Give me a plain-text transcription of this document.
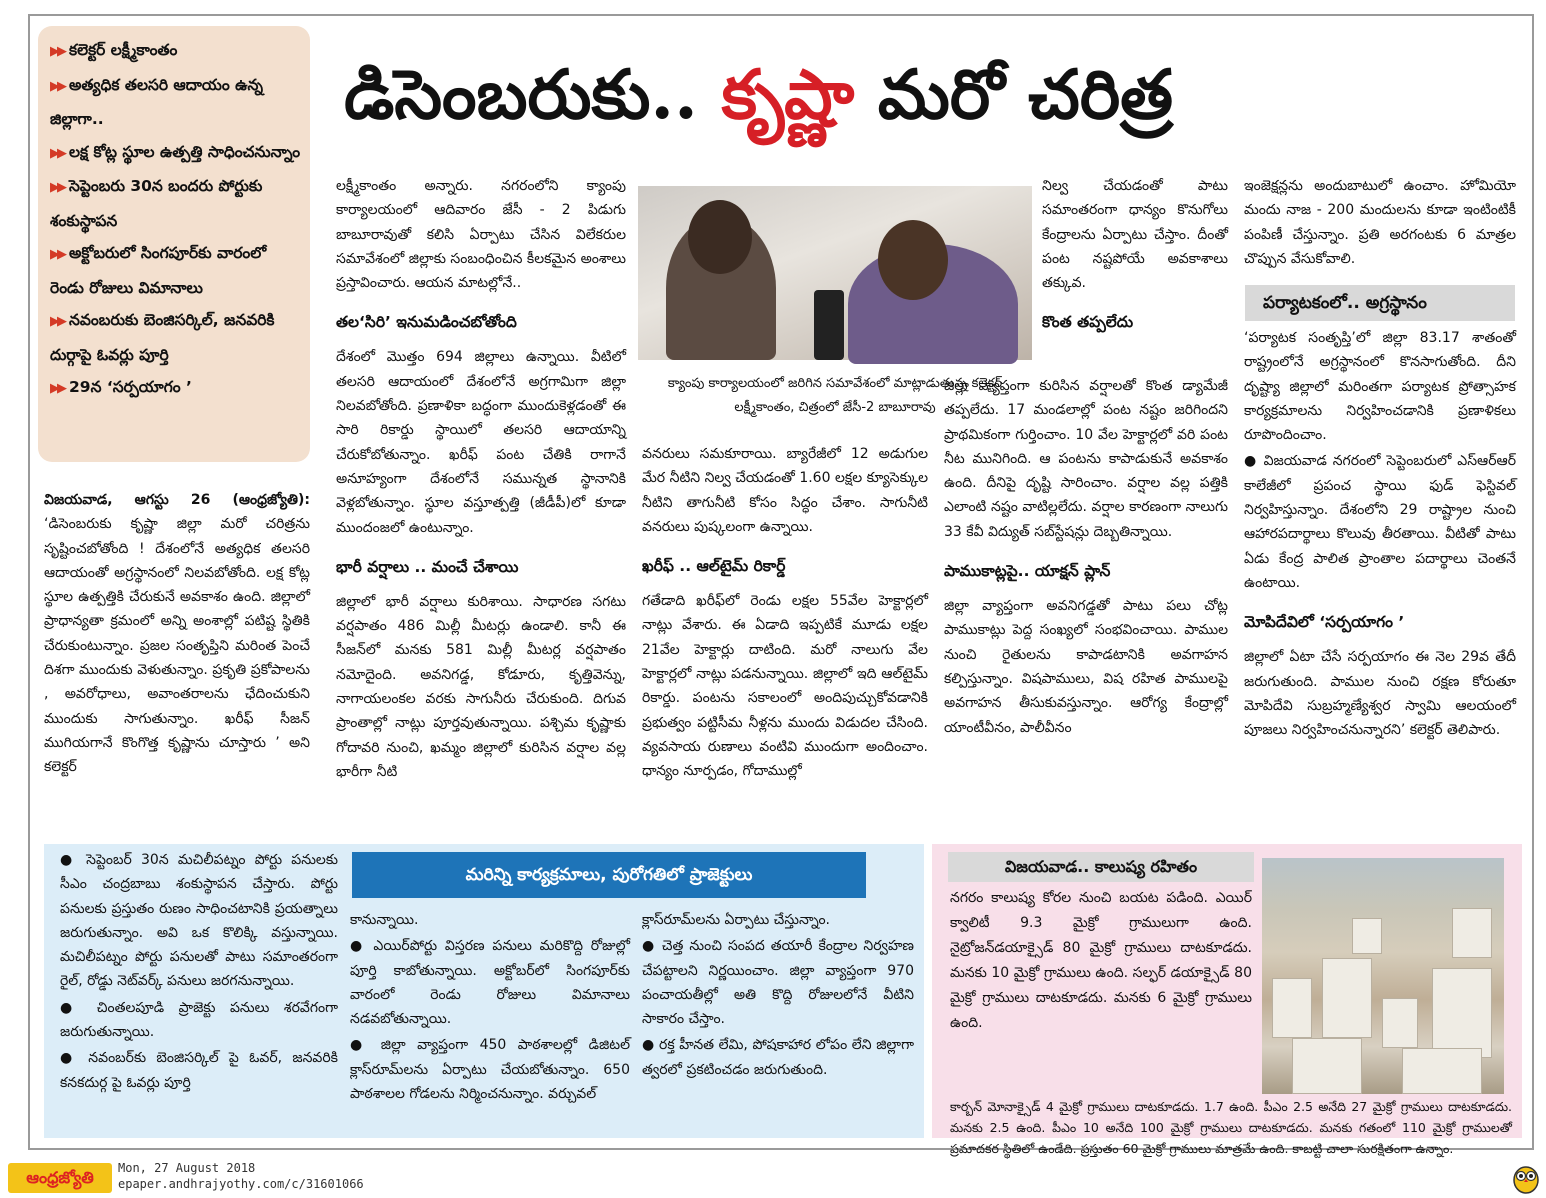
▶▶ కలెక్టర్ లక్ష్మీకాంతం
▶▶ అత్యధిక తలసరి ఆదాయం ఉన్న జిల్లాగా..
▶▶ లక్ష కోట్ల స్థూల ఉత్పత్తి సాధించనున్నాం
▶▶ సెప్టెంబరు 30న బందరు పోర్టుకు శంకుస్థాపన
▶▶ అక్టోబరులో సింగపూర్‌కు వారంలో రెండు రోజులు విమానాలు
▶▶ నవంబరుకు బెంజిసర్కిల్, జనవరికి దుర్గాపై ఓవర్లు పూర్తి
▶▶ 29న ‘సర్పయాగం ’
డిసెంబరుకు.. కృష్ణా మరో చరిత్ర

విజయవాడ, ఆగస్టు 26 (ఆంధ్రజ్యోతి): ‘డిసెంబరుకు కృష్ణా జిల్లా మరో చరిత్రను సృష్టించబోతోంది ! దేశంలోనే అత్యధిక తలసరి ఆదాయంతో అగ్రస్థానంలో నిలవబోతోంది. లక్ష కోట్ల స్థూల ఉత్పత్తికి చేరుకునే అవకాశం ఉంది. జిల్లాలో ప్రాధాన్యతా క్రమంలో అన్ని అంశాల్లో పటిష్ట స్థితికి చేరుకుంటున్నాం. ప్రజల సంతృప్తిని మరింత పెంచే దిశగా ముందుకు వెళుతున్నాం. ప్రకృతి ప్రకోపాలను , అవరోధాలు, అవాంతరాలను ఛేదించుకుని ముందుకు సాగుతున్నాం. ఖరీఫ్ సీజన్ ముగియగానే కొంగొత్త కృష్ణాను చూస్తారు ’ అని కలెక్టర్

లక్ష్మీకాంతం అన్నారు. నగరంలోని క్యాంపు కార్యాలయంలో ఆదివారం జేసీ - 2 పిడుగు బాబూరావుతో కలిసి ఏర్పాటు చేసిన విలేకరుల సమావేశంలో జిల్లాకు సంబంధించిన కీలకమైన అంశాలు ప్రస్తావించారు. ఆయన మాటల్లోనే..

తల‘సిరి’ ఇనుమడించబోతోంది

దేశంలో మొత్తం 694 జిల్లాలు ఉన్నాయి. వీటిలో తలసరి ఆదాయంలో దేశంలోనే అగ్రగామిగా జిల్లా నిలవబోతోంది. ప్రణాళికా బద్ధంగా ముందుకెళ్లడంతో ఈ సారి రికార్డు స్థాయిలో తలసరి ఆదాయాన్ని చేరుకోబోతున్నాం. ఖరీఫ్ పంట చేతికి రాగానే అనూహ్యంగా దేశంలోనే సమున్నత స్థానానికి వెళ్లబోతున్నాం. స్థూల వస్తూత్పత్తి (జీడీపీ)లో కూడా ముందంజలో ఉంటున్నాం.

భారీ వర్షాలు .. మంచే చేశాయి

జిల్లాలో భారీ వర్షాలు కురిశాయి. సాధారణ సగటు వర్షపాతం 486 మిల్లీ మీటర్లు ఉండాలి. కానీ ఈ సీజన్‌లో మనకు 581 మిల్లీ మీటర్ల వర్షపాతం నమోదైంది. అవనిగడ్డ, కోడూరు, కృత్తివెన్ను, నాగాయలంకల వరకు సాగునీరు చేరుకుంది. దిగువ ప్రాంతాల్లో నాట్లు పూర్తవుతున్నాయి. పశ్చిమ కృష్ణాకు గోదావరి నుంచి, ఖమ్మం జిల్లాలో కురిసిన వర్షాల వల్ల భారీగా నీటి

క్యాంపు కార్యాలయంలో జరిగిన సమావేశంలో మాట్లాడుతున్న కలెక్టర్ లక్ష్మీకాంతం, చిత్రంలో జేసీ-2 బాబూరావు

వనరులు సమకూరాయి. బ్యారేజీలో 12 అడుగుల మేర నీటిని నిల్వ చేయడంతో 1.60 లక్షల క్యూసెక్కుల నీటిని తాగునీటి కోసం సిద్ధం చేశాం. సాగునీటి వనరులు పుష్కలంగా ఉన్నాయి.

ఖరీఫ్ .. ఆల్‌టైమ్ రికార్డ్

గతేడాది ఖరీఫ్‌లో రెండు లక్షల 55వేల హెక్టార్లలో నాట్లు వేశారు. ఈ ఏడాది ఇప్పటికే మూడు లక్షల 21వేల హెక్టార్లు దాటింది. మరో నాలుగు వేల హెక్టార్లలో నాట్లు పడనున్నాయి. జిల్లాలో ఇది ఆల్‌టైమ్ రికార్డు. పంటను సకాలంలో అందిపుచ్చుకోవడానికి ప్రభుత్వం పట్టిసీమ నీళ్లను ముందు విడుదల చేసింది. వ్యవసాయ రుణాలు వంటివి ముందుగా అందించాం. ధాన్యం నూర్పడం, గోదాముల్లో

నిల్వ చేయడంతో పాటు సమాంతరంగా ధాన్యం కొనుగోలు కేంద్రాలను ఏర్పాటు చేస్తాం. దీంతో పంట నష్టపోయే అవకాశాలు తక్కువ.

కొంత తప్పలేదు

జిల్లా వ్యాప్తంగా కురిసిన వర్షాలతో కొంత డ్యామేజీ తప్పలేదు. 17 మండలాల్లో పంట నష్టం జరిగిందని ప్రాథమికంగా గుర్తించాం. 10 వేల హెక్టార్లలో వరి పంట నీట మునిగింది. ఆ పంటను కాపాడుకునే అవకాశం ఉంది. దీనిపై దృష్టి సారించాం. వర్షాల వల్ల పత్తికి ఎలాంటి నష్టం వాటిల్లలేదు. వర్షాల కారణంగా నాలుగు 33 కేవీ విద్యుత్ సబ్‌స్టేషన్లు దెబ్బతిన్నాయి.

పాముకాట్లపై.. యాక్షన్ ప్లాన్

జిల్లా వ్యాప్తంగా అవనిగడ్డతో పాటు పలు చోట్ల పాముకాట్లు పెద్ద సంఖ్యలో సంభవించాయి. పాముల నుంచి రైతులను కాపాడటానికి అవగాహన కల్పిస్తున్నాం. విషపాములు, విష రహిత పాములపై అవగాహన తీసుకువస్తున్నాం. ఆరోగ్య కేంద్రాల్లో యాంటీవీనం, పాలీవీనం

ఇంజెక్షన్లను అందుబాటులో ఉంచాం. హోమియో మందు నాజ - 200 మందులను కూడా ఇంటింటికీ పంపిణీ చేస్తున్నాం. ప్రతి అరగంటకు 6 మాత్రల చొప్పున వేసుకోవాలి.

పర్యాటకంలో.. అగ్రస్థానం

‘పర్యాటక సంతృప్తి’లో జిల్లా 83.17 శాతంతో రాష్ట్రంలోనే అగ్రస్థానంలో కొనసాగుతోంది. దీని దృష్ట్యా జిల్లాలో మరింతగా పర్యాటక ప్రోత్సాహక కార్యక్రమాలను నిర్వహించడానికి ప్రణాళికలు రూపొందించాం.

● విజయవాడ నగరంలో సెప్టెంబరులో ఎస్ఆర్ఆర్ కాలేజీలో ప్రపంచ స్థాయి ఫుడ్ ఫెస్టివల్ నిర్వహిస్తున్నాం. దేశంలోని 29 రాష్ట్రాల నుంచి ఆహారపదార్థాలు కొలువు తీరతాయి. వీటితో పాటు ఏడు కేంద్ర పాలిత ప్రాంతాల పదార్థాలు చెంతనే ఉంటాయి.

మోపిదేవిలో ‘సర్పయాగం ’

జిల్లాలో ఏటా చేసే సర్పయాగం ఈ నెల 29వ తేదీ జరుగుతుంది. పాముల నుంచి రక్షణ కోరుతూ మోపిదేవి సుబ్రహ్మణ్యేశ్వర స్వామి ఆలయంలో పూజలు నిర్వహించనున్నారని’ కలెక్టర్ తెలిపారు.

మరిన్ని కార్యక్రమాలు, పురోగతిలో ప్రాజెక్టులు

● సెప్టెంబర్ 30న మచిలీపట్నం పోర్టు పనులకు సీఎం చంద్రబాబు శంకుస్థాపన చేస్తారు. పోర్టు పనులకు ప్రస్తుతం రుణం సాధించటానికి ప్రయత్నాలు జరుగుతున్నాం. అవి ఒక కొలిక్కి వస్తున్నాయి. మచిలీపట్నం పోర్టు పనులతో పాటు సమాంతరంగా రైల్, రోడ్డు నెట్‌వర్క్ పనులు జరగనున్నాయి.

● చింతలపూడి ప్రాజెక్టు పనులు శరవేగంగా జరుగుతున్నాయి.

● నవంబర్‌కు బెంజిసర్కిల్ పై ఓవర్, జనవరికి కనకదుర్గ పై ఓవర్లు పూర్తి

కానున్నాయి.

● ఎయిర్‌పోర్టు విస్తరణ పనులు మరికొద్ది రోజుల్లో పూర్తి కాబోతున్నాయి. అక్టోబర్‌లో సింగపూర్‌కు వారంలో రెండు రోజులు విమానాలు నడవబోతున్నాయి.

● జిల్లా వ్యాప్తంగా 450 పాఠశాలల్లో డిజిటల్ క్లాస్‌రూమ్‌లను ఏర్పాటు చేయబోతున్నాం. 650 పాఠశాలల గోడలను నిర్మించనున్నాం. వర్చువల్

క్లాస్‌రూమ్‌లను ఏర్పాటు చేస్తున్నాం.

● చెత్త నుంచి సంపద తయారీ కేంద్రాల నిర్వహణ చేపట్టాలని నిర్ణయించాం. జిల్లా వ్యాప్తంగా 970 పంచాయతీల్లో అతి కొద్ది రోజులలోనే వీటిని సాకారం చేస్తాం.

● రక్త హీనత లేమి, పోషకాహార లోపం లేని జిల్లాగా త్వరలో ప్రకటించడం జరుగుతుంది.

విజయవాడ.. కాలుష్య రహితం
నగరం కాలుష్య కోరల నుంచి బయట పడింది. ఎయిర్ క్వాలిటీ 9.3 మైక్రో గ్రాములుగా ఉంది. నైట్రోజన్‌డయాక్సైడ్ 80 మైక్రో గ్రాములు దాటకూడదు. మనకు 10 మైక్రో గ్రాములు ఉంది. సల్ఫర్ డయాక్సైడ్ 80 మైక్రో గ్రాములు దాటకూడదు. మనకు 6 మైక్రో గ్రాములు ఉంది.
కార్బన్ మోనాక్సైడ్ 4 మైక్రో గ్రాములు దాటకూడదు. 1.7 ఉంది. పీఎం 2.5 అనేది 27 మైక్రో గ్రాములు దాటకూడదు. మనకు 2.5 ఉంది. పీఎం 10 అనేది 100 మైక్రో గ్రాములు దాటకూడదు. మనకు గతంలో 110 మైక్రో గ్రాములతో ప్రమాదకర స్థితిలో ఉండేది. ప్రస్తుతం 60 మైక్రో గ్రాములు మాత్రమే ఉంది. కాబట్టి చాలా సురక్షితంగా ఉన్నాం.
ఆంధ్రజ్యోతి	Mon, 27 August 2018
epaper.andhrajyothy.com/c/31601066
